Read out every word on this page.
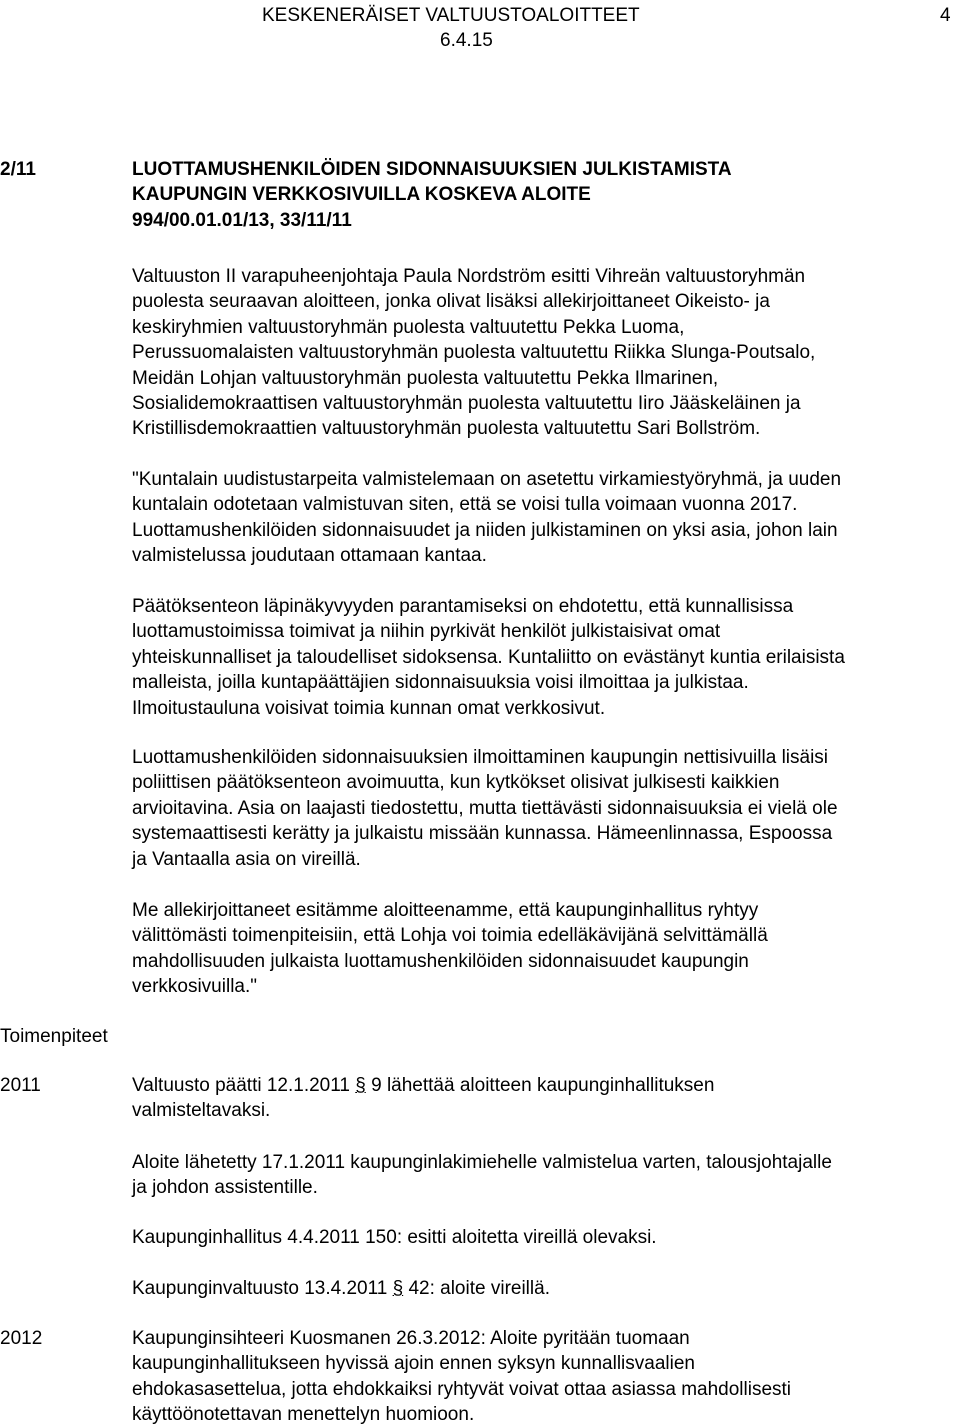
KESKENERÄISET VALTUUSTOALOITTEET	4
6.4.15
2/11	LUOTTAMUSHENKILÖIDEN SIDONNAISUUKSIEN JULKISTAMISTA
KAUPUNGIN VERKKOSIVUILLA KOSKEVA ALOITE
994/00.01.01/13, 33/11/11
Valtuuston II varapuheenjohtaja Paula Nordström esitti Vihreän valtuustoryhmän
puolesta seuraavan aloitteen, jonka olivat lisäksi allekirjoittaneet Oikeisto- ja
keskiryhmien valtuustoryhmän puolesta valtuutettu Pekka Luoma,
Perussuomalaisten valtuustoryhmän puolesta valtuutettu Riikka Slunga-Poutsalo,
Meidän Lohjan valtuustoryhmän puolesta valtuutettu Pekka Ilmarinen,
Sosialidemokraattisen valtuustoryhmän puolesta valtuutettu Iiro Jääskeläinen ja
Kristillisdemokraattien valtuustoryhmän puolesta valtuutettu Sari Bollström.
"Kuntalain uudistustarpeita valmistelemaan on asetettu virkamiestyöryhmä, ja uuden
kuntalain odotetaan valmistuvan siten, että se voisi tulla voimaan vuonna 2017.
Luottamushenkilöiden sidonnaisuudet ja niiden julkistaminen on yksi asia, johon lain
valmistelussa joudutaan ottamaan kantaa.
Päätöksenteon läpinäkyvyyden parantamiseksi on ehdotettu, että kunnallisissa
luottamustoimissa toimivat ja niihin pyrkivät henkilöt julkistaisivat omat
yhteiskunnalliset ja taloudelliset sidoksensa. Kuntaliitto on evästänyt kuntia erilaisista
malleista, joilla kuntapäättäjien sidonnaisuuksia voisi ilmoittaa ja julkistaa.
Ilmoitustauluna voisivat toimia kunnan omat verkkosivut.
Luottamushenkilöiden sidonnaisuuksien ilmoittaminen kaupungin nettisivuilla lisäisi
poliittisen päätöksenteon avoimuutta, kun kytkökset olisivat julkisesti kaikkien
arvioitavina. Asia on laajasti tiedostettu, mutta tiettävästi sidonnaisuuksia ei vielä ole
systemaattisesti kerätty ja julkaistu missään kunnassa. Hämeenlinnassa, Espoossa
ja Vantaalla asia on vireillä.
Me allekirjoittaneet esitämme aloitteenamme, että kaupunginhallitus ryhtyy
välittömästi toimenpiteisiin, että Lohja voi toimia edelläkävijänä selvittämällä
mahdollisuuden julkaista luottamushenkilöiden sidonnaisuudet kaupungin
verkkosivuilla."
Toimenpiteet
2011	Valtuusto päätti 12.1.2011 § 9 lähettää aloitteen kaupunginhallituksen
valmisteltavaksi.
Aloite lähetetty 17.1.2011 kaupunginlakimiehelle valmistelua varten, talousjohtajalle
ja johdon assistentille.
Kaupunginhallitus 4.4.2011 150: esitti aloitetta vireillä olevaksi.
Kaupunginvaltuusto 13.4.2011 § 42: aloite vireillä.
2012	Kaupunginsihteeri Kuosmanen 26.3.2012: Aloite pyritään tuomaan
kaupunginhallitukseen hyvissä ajoin ennen syksyn kunnallisvaalien
ehdokasasettelua, jotta ehdokkaiksi ryhtyvät voivat ottaa asiassa mahdollisesti
käyttöönotettavan menettelyn huomioon.
